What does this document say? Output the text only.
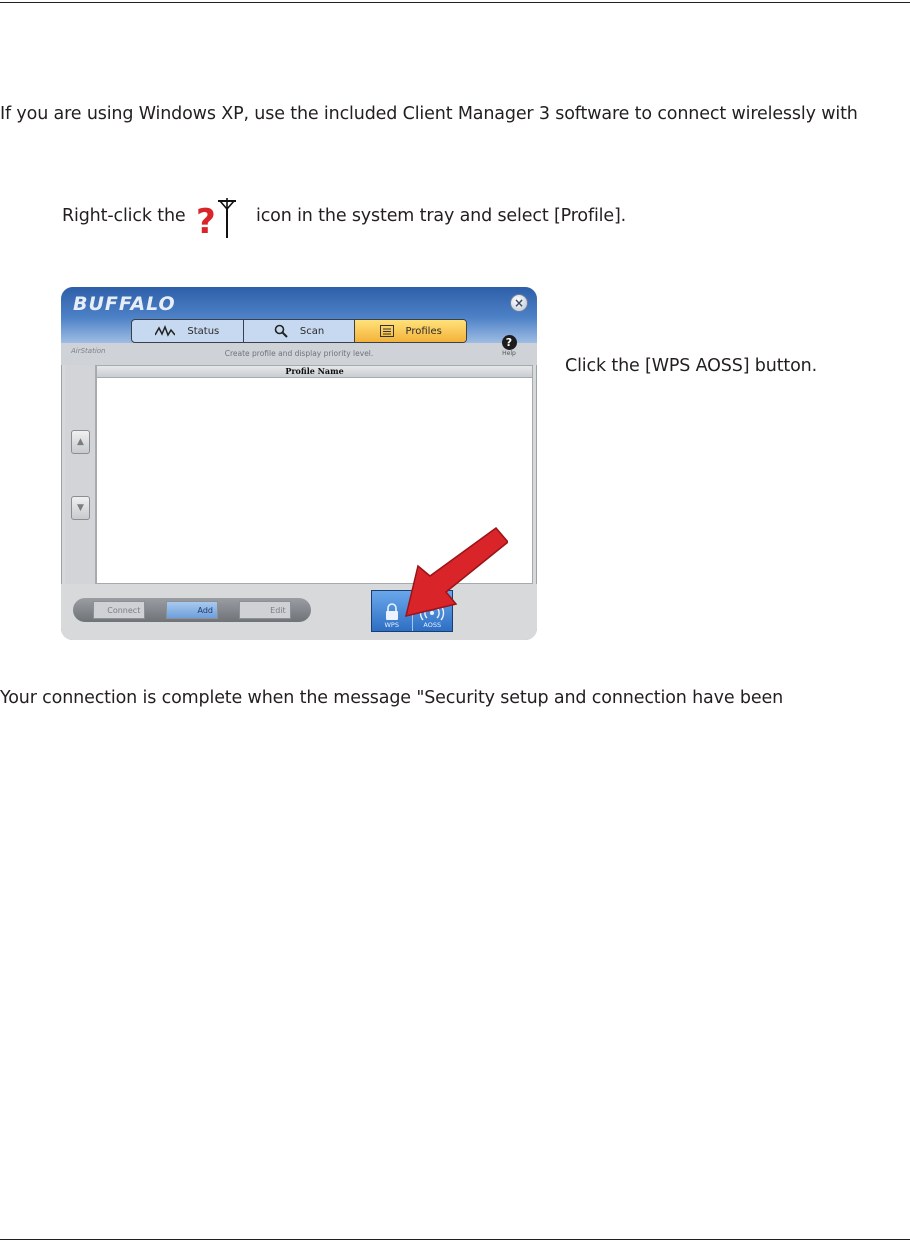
If you are using Windows XP, use the included Client Manager 3 software to connect wirelessly with
Right-click the ? icon in the system tray and select [Profile].
BUFFALO	×
Status	Scan	Profiles
AirStation	Create profile and display priority level.
?
Help
▲
▼
Profile Name
Connect	Add	Edit
WPS	AOSS
Click the [WPS AOSS] button.
Your connection is complete when the message "Security setup and connection have been
